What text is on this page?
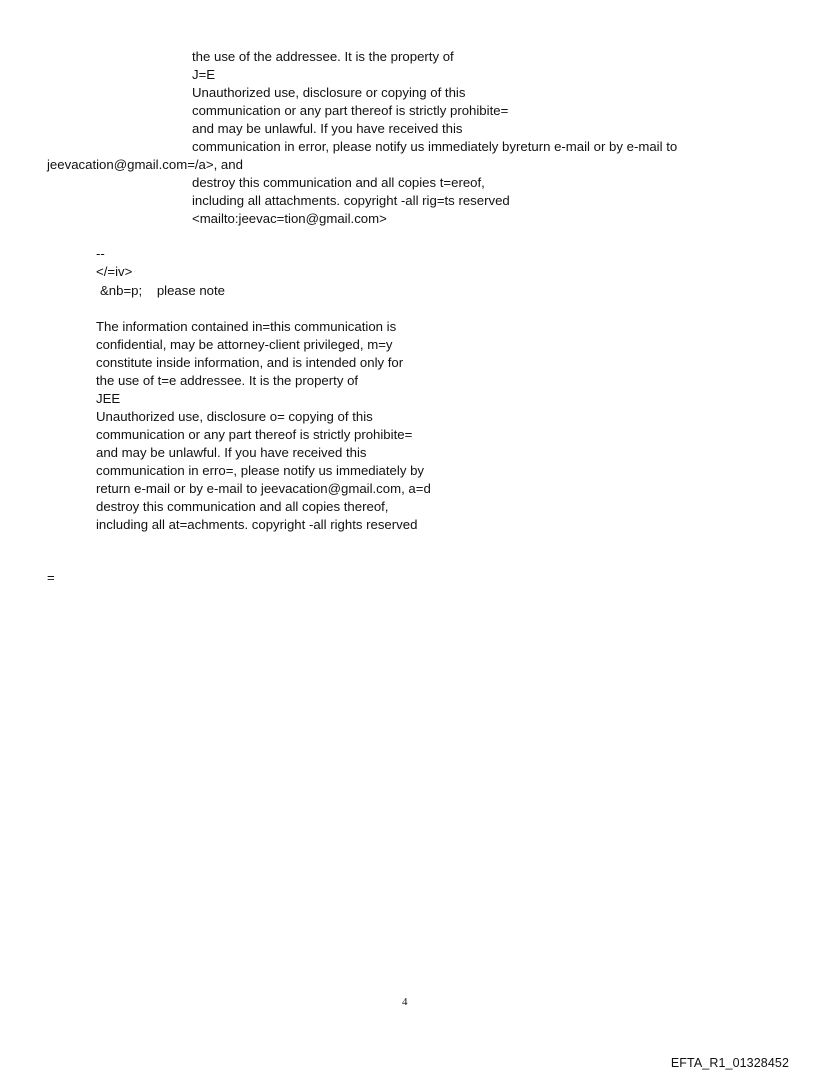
the use of the addressee. It is the property of

J=E

Unauthorized use, disclosure or copying of this

communication or any part thereof is strictly prohibite=

and may be unlawful. If you have received this

communication in error, please notify us immediately byreturn e-mail or by e-mail to

jeevacation@gmail.com=/a>, and

destroy this communication and all copies t=ereof,

including all attachments. copyright -all rig=ts reserved

<mailto:jeevac=tion@gmail.com>

--

</=iv>

&nb=p;    please note

The information contained in=this communication is

confidential, may be attorney-client privileged, m=y

constitute inside information, and is intended only for

the use of t=e addressee. It is the property of

JEE

Unauthorized use, disclosure o= copying of this

communication or any part thereof is strictly prohibite=

and may be unlawful. If you have received this

communication in erro=, please notify us immediately by

return e-mail or by e-mail to jeevacation@gmail.com, a=d

destroy this communication and all copies thereof,

including all at=achments. copyright -all rights reserved

=

4
EFTA_R1_01328452
